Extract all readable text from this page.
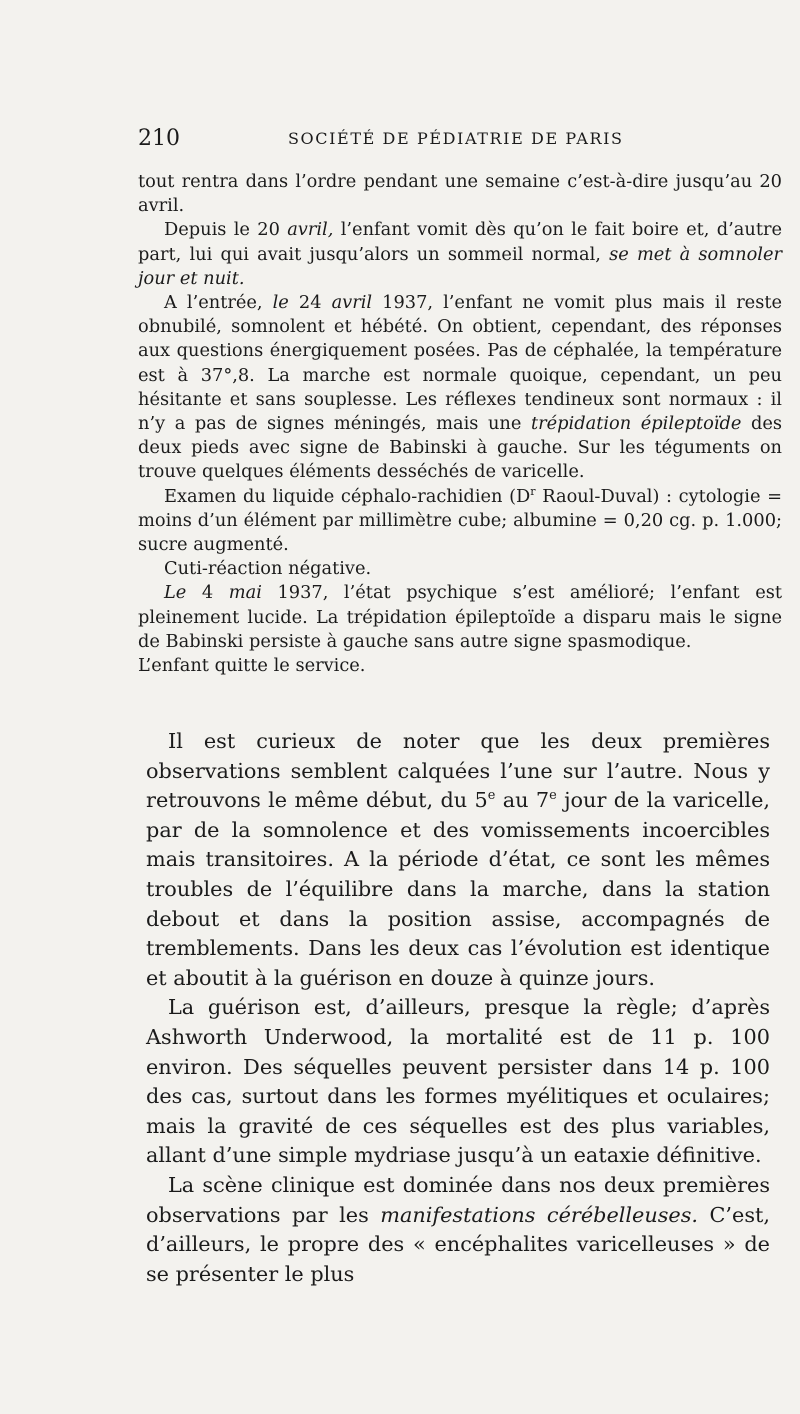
210	SOCIÉTÉ DE PÉDIATRIE DE PARIS

tout rentra dans l’ordre pendant une semaine c’est-à-dire jusqu’au 20 avril.

Depuis le 20 avril, l’enfant vomit dès qu’on le fait boire et, d’autre part, lui qui avait jusqu’alors un sommeil normal, se met à somnoler jour et nuit.

A l’entrée, le 24 avril 1937, l’enfant ne vomit plus mais il reste obnubilé, somnolent et hébété. On obtient, cependant, des réponses aux questions énergiquement posées. Pas de céphalée, la température est à 37°,8. La marche est normale quoique, cependant, un peu hésitante et sans souplesse. Les réflexes tendineux sont normaux : il n’y a pas de signes méningés, mais une trépidation épileptoïde des deux pieds avec signe de Babinski à gauche. Sur les téguments on trouve quelques éléments desséchés de varicelle.

Examen du liquide céphalo-rachidien ($D^r$ Raoul-Duval) : cytologie = moins d’un élément par millimètre cube; albumine = 0,20 cg. p. 1.000; sucre augmenté.

Cuti-réaction négative.

Le 4 mai 1937, l’état psychique s’est amélioré; l’enfant est pleinement lucide. La trépidation épileptoïde a disparu mais le signe de Babinski persiste à gauche sans autre signe spasmodique.

L’enfant quitte le service.

Il est curieux de noter que les deux premières observations semblent calquées l’une sur l’autre. Nous y retrouvons le même début, du 5e au 7e jour de la varicelle, par de la somnolence et des vomissements incoercibles mais transitoires. A la période d’état, ce sont les mêmes troubles de l’équilibre dans la marche, dans la station debout et dans la position assise, accompagnés de tremblements. Dans les deux cas l’évolution est identique et aboutit à la guérison en douze à quinze jours.

La guérison est, d’ailleurs, presque la règle; d’après Ashworth Underwood, la mortalité est de 11 p. 100 environ. Des séquelles peuvent persister dans 14 p. 100 des cas, surtout dans les formes myélitiques et oculaires; mais la gravité de ces séquelles est des plus variables, allant d’une simple mydriase jusqu’à un eataxie définitive.

La scène clinique est dominée dans nos deux premières observations par les manifestations cérébelleuses. C’est, d’ailleurs, le propre des « encéphalites varicelleuses » de se présenter le plus
